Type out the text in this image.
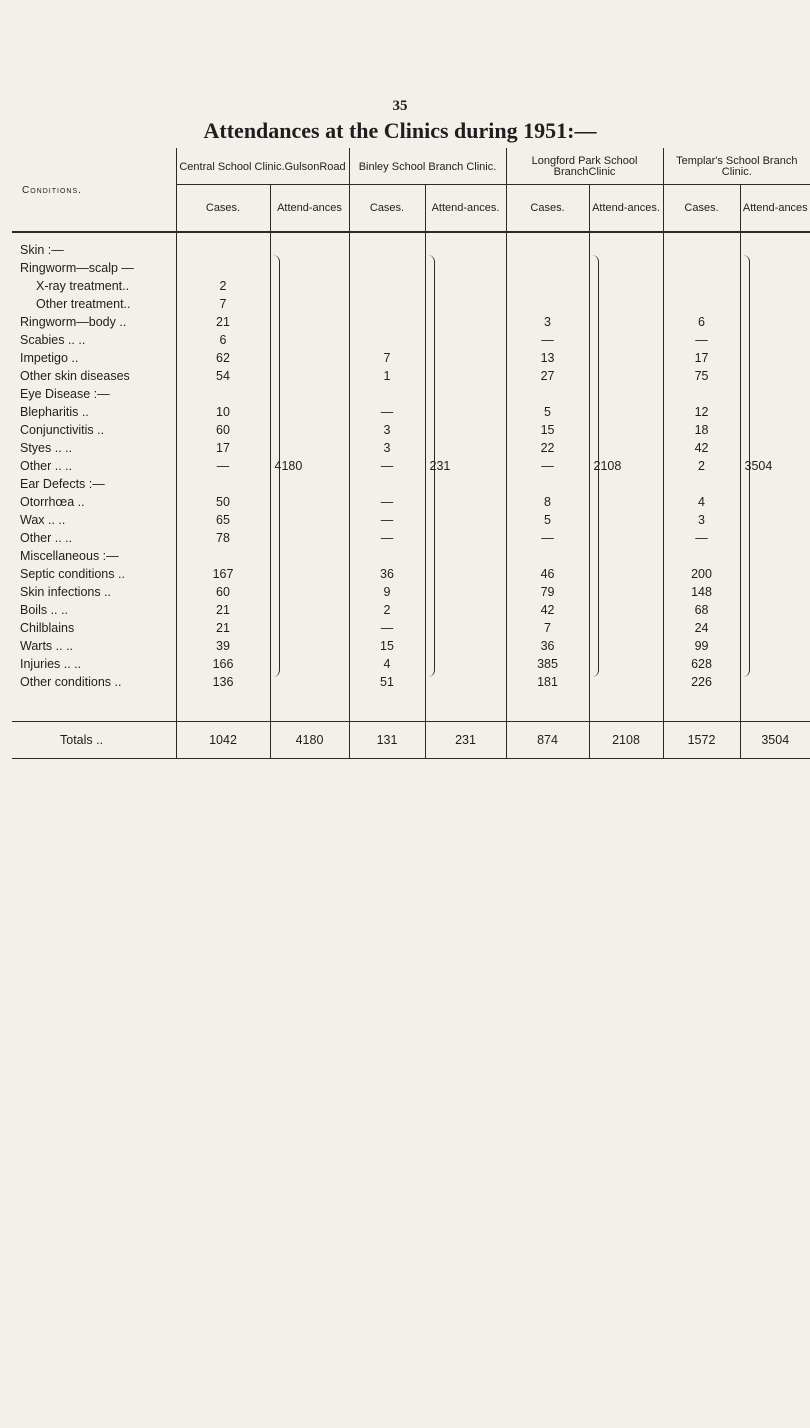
35
Attendances at the Clinics during 1951:—
Conditions.	Central School Clinic.GulsonRoad		Binley School Branch Clinic.		Longford Park School BranchClinic		Templar's School Branch Clinic.	
	Cases.	Attend-ances	Cases.	Attend-ances.	Cases.	Attend-ances.	Cases.	Attend-ances

Skin :—		4180		231		2108		3504

Ringworm—scalp —								
X-ray treatment..	2							
Other treatment..	7							
Ringworm—body ..	21				3		6	
Scabies .. ..	6				—		—	
Impetigo ..	62		7		13		17	
Other skin diseases	54		1		27		75	
Eye Disease :—								
Blepharitis ..	10		—		5		12	
Conjunctivitis ..	60		3		15		18	
Styes .. ..	17		3		22		42	
Other .. ..	—		—		—		2	
Ear Defects :—								
Otorrhœa ..	50		—		8		4	
Wax .. ..	65		—		5		3	
Other .. ..	78		—		—		—	
Miscellaneous :—								
Septic conditions ..	167		36		46		200	
Skin infections ..	60		9		79		148	
Boils .. ..	21		2		42		68	
Chilblains	21		—		7		24	
Warts .. ..	39		15		36		99	
Injuries .. ..	166		4		385		628	
Other conditions ..	136		51		181		226	

Totals ..	1042	4180	131	231	874	2108	1572	3504
